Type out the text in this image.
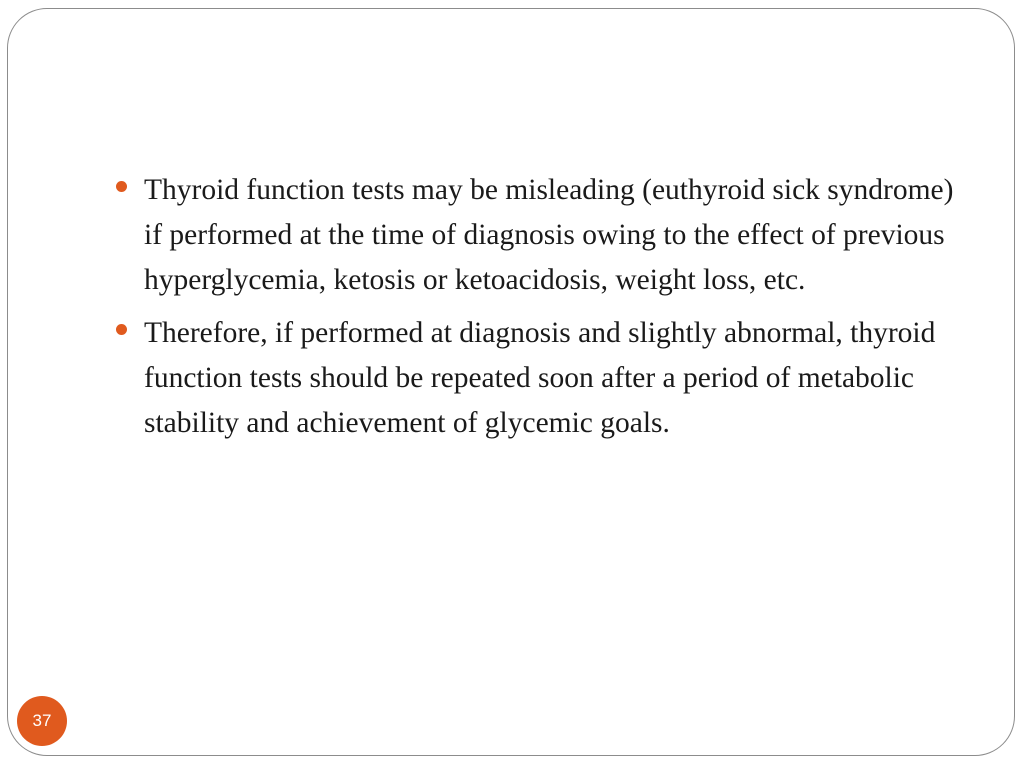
Thyroid function tests may be misleading (euthyroid sick syndrome) if performed at the time of diagnosis owing to the effect of previous hyperglycemia, ketosis or ketoacidosis, weight loss, etc.
Therefore, if performed at diagnosis and slightly abnormal, thyroid function tests should be repeated soon after a period of metabolic stability and achievement of glycemic goals.
37
